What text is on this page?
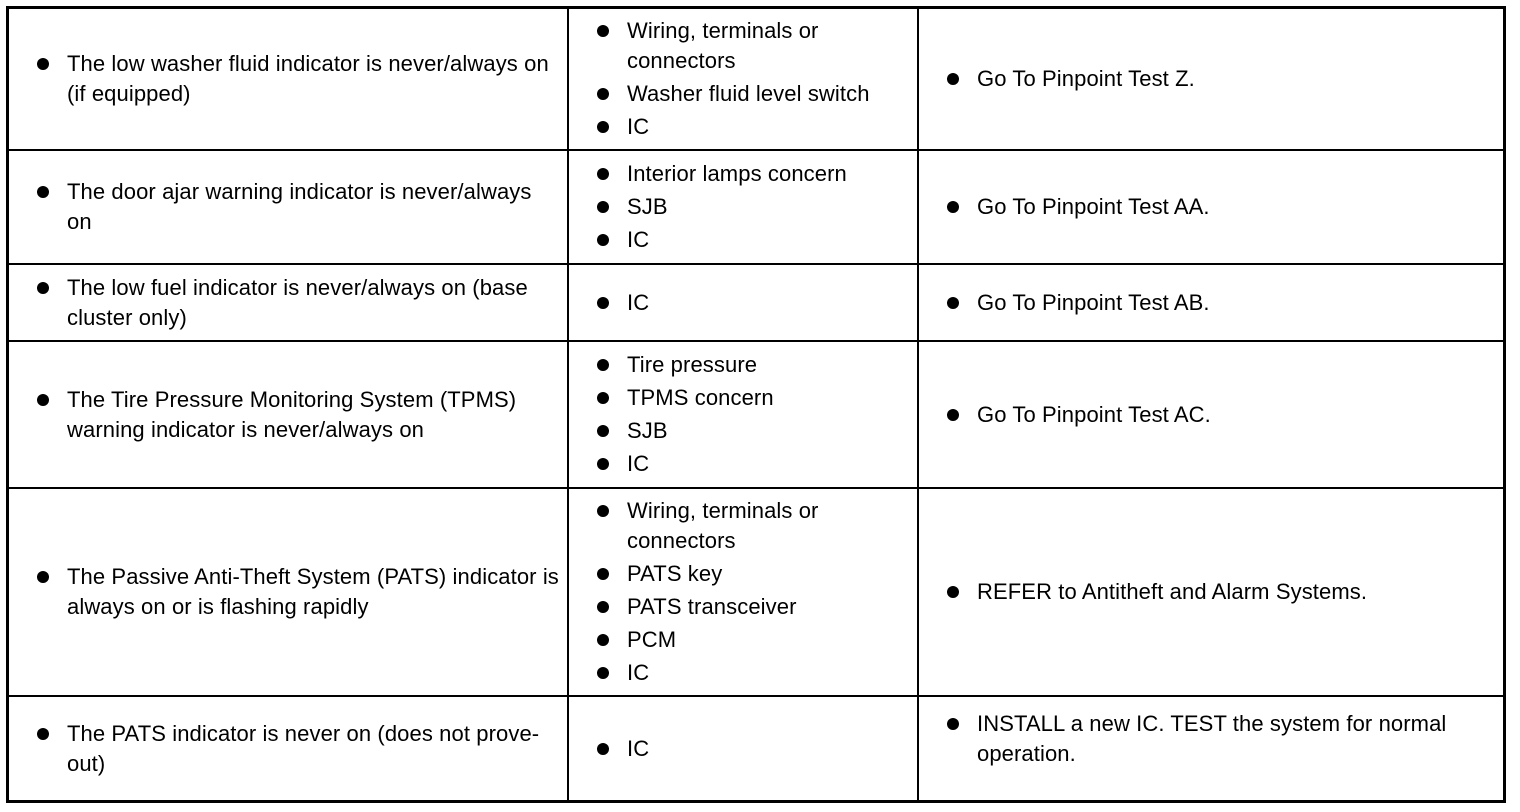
The low washer fluid indicator is never/always on (if equipped)
Wiring, terminals or connectors
Washer fluid level switch
IC
Go To Pinpoint Test Z.
The door ajar warning indicator is never/always on
Interior lamps concern
SJB
IC
Go To Pinpoint Test AA.
The low fuel indicator is never/always on (base cluster only)
IC	Go To Pinpoint Test AB.
The Tire Pressure Monitoring System (TPMS) warning indicator is never/always on
Tire pressure
TPMS concern
SJB
IC
Go To Pinpoint Test AC.
The Passive Anti-Theft System (PATS) indicator is always on or is flashing rapidly
Wiring, terminals or connectors
PATS key
PATS transceiver
PCM
IC
REFER to Antitheft and Alarm Systems.
The PATS indicator is never on (does not prove-out)
IC
INSTALL a new IC. TEST the system for normal operation.
